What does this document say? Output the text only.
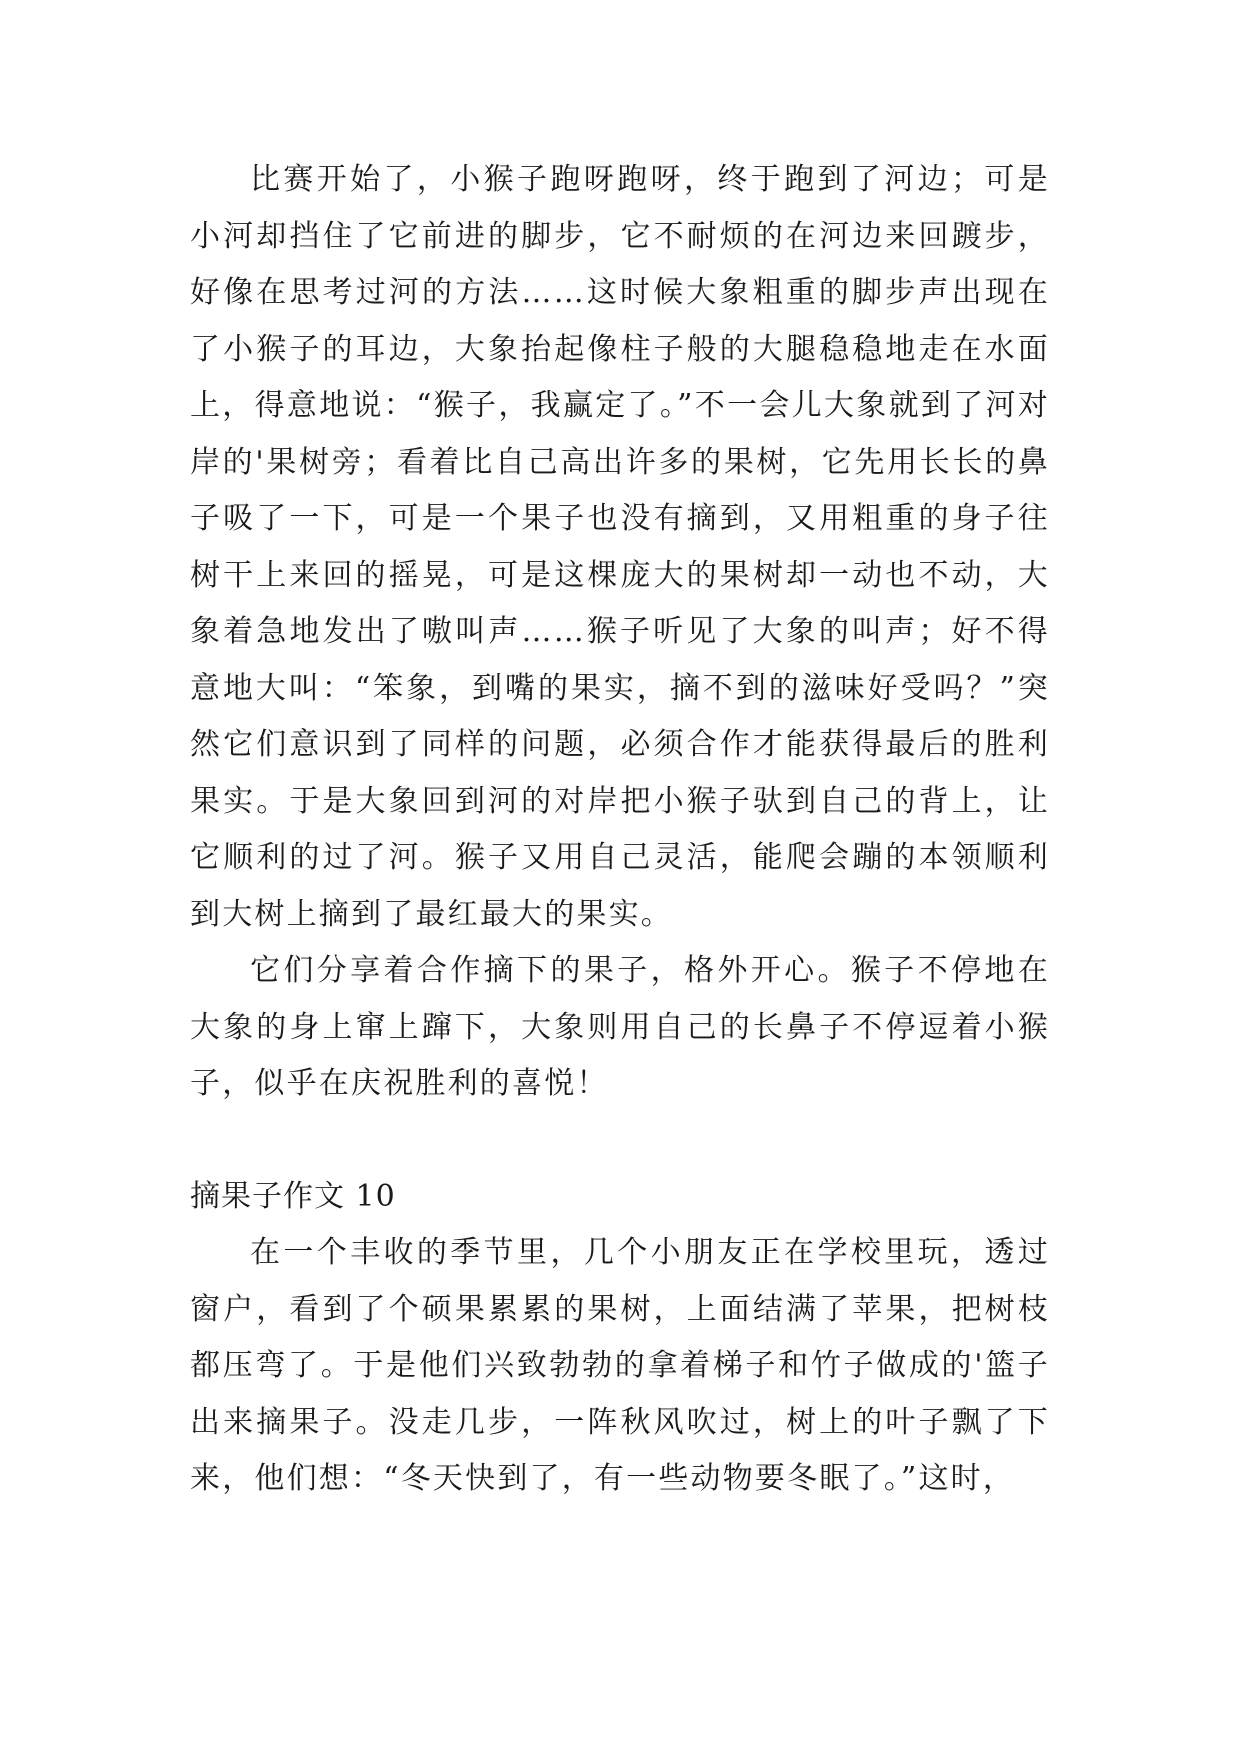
比赛开始了，小猴子跑呀跑呀，终于跑到了河边；可是小河却挡住了它前进的脚步，它不耐烦的在河边来回踱步，好像在思考过河的方法……这时候大象粗重的脚步声出现在了小猴子的耳边，大象抬起像柱子般的大腿稳稳地走在水面上，得意地说：“猴子，我赢定了。”不一会儿大象就到了河对岸的'果树旁；看着比自己高出许多的果树，它先用长长的鼻子吸了一下，可是一个果子也没有摘到，又用粗重的身子往树干上来回的摇晃，可是这棵庞大的果树却一动也不动，大象着急地发出了嗷叫声……猴子听见了大象的叫声；好不得意地大叫：“笨象，到嘴的果实，摘不到的滋味好受吗？”突然它们意识到了同样的问题，必须合作才能获得最后的胜利果实。于是大象回到河的对岸把小猴子驮到自己的背上，让它顺利的过了河。猴子又用自己灵活，能爬会蹦的本领顺利到大树上摘到了最红最大的果实。

它们分享着合作摘下的果子，格外开心。猴子不停地在大象的身上窜上蹿下，大象则用自己的长鼻子不停逗着小猴子，似乎在庆祝胜利的喜悦！

摘果子作文 10

在一个丰收的季节里，几个小朋友正在学校里玩，透过窗户，看到了个硕果累累的果树，上面结满了苹果，把树枝都压弯了。于是他们兴致勃勃的拿着梯子和竹子做成的'篮子出来摘果子。没走几步，一阵秋风吹过，树上的叶子飘了下来，他们想：“冬天快到了，有一些动物要冬眠了。”这时，
